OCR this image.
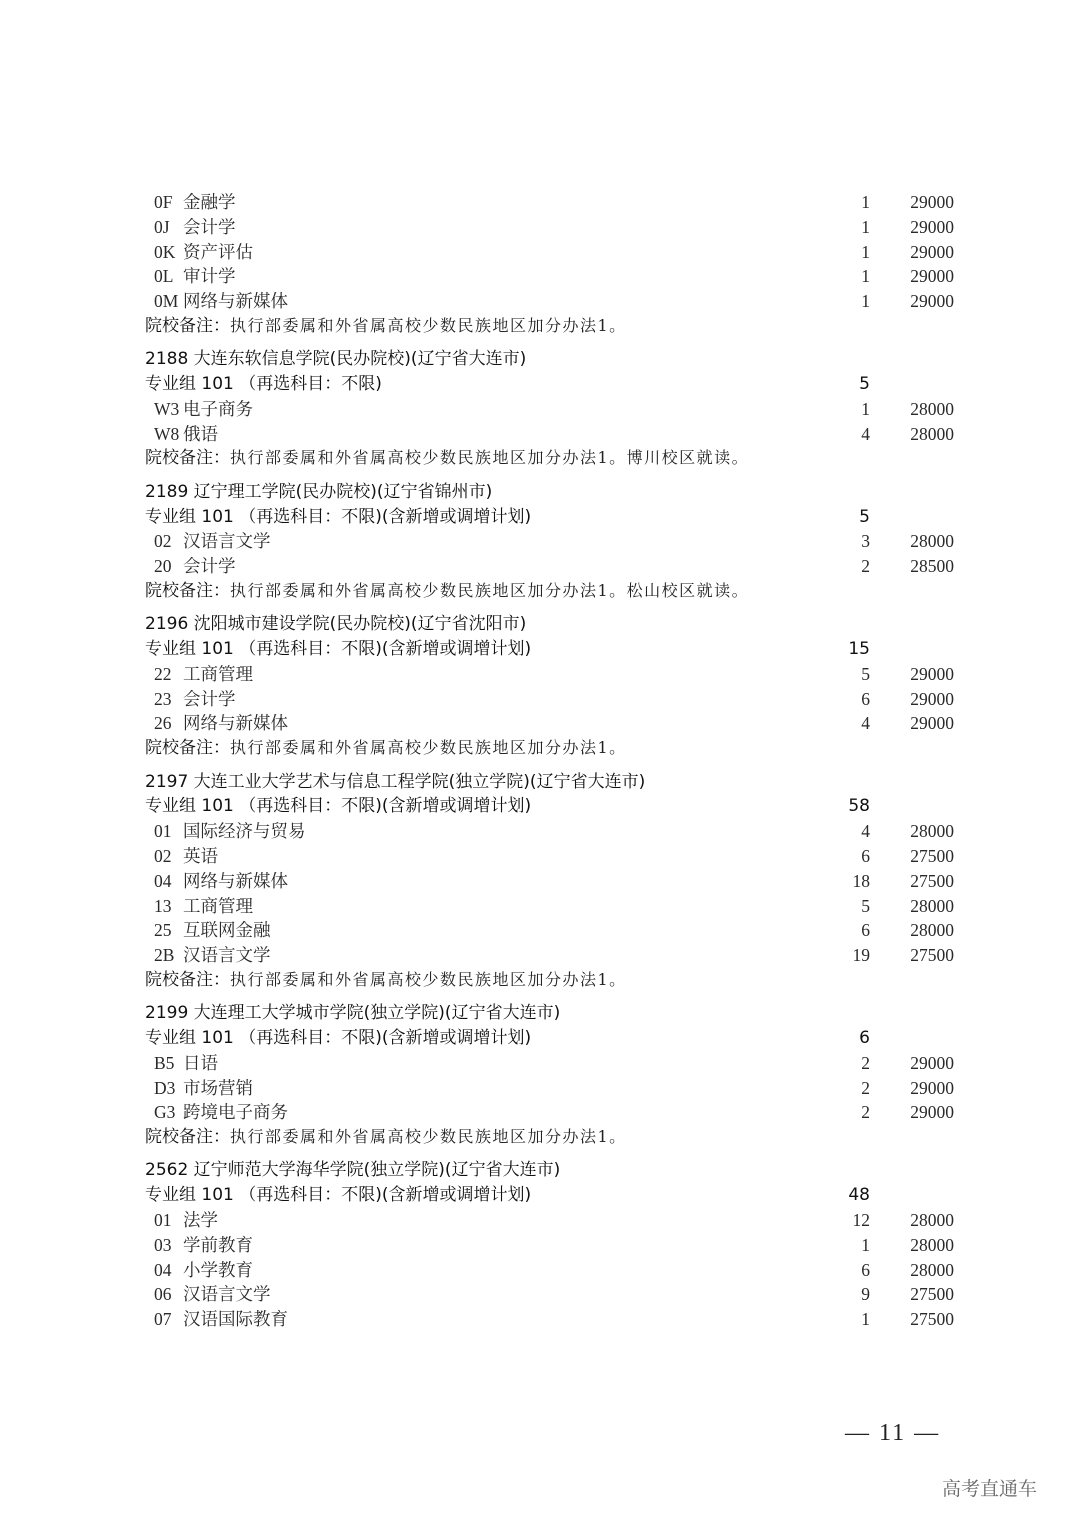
0F 金融学	1	29000
0J 会计学	1	29000
0K 资产评估	1	29000
0L 审计学	1	29000
0M 网络与新媒体	1	29000
院校备注：执行部委属和外省属高校少数民族地区加分办法1。
2188 大连东软信息学院(民办院校)(辽宁省大连市)
专业组 101 （再选科目：不限)	5
W3 电子商务	1	28000
W8 俄语	4	28000
院校备注：执行部委属和外省属高校少数民族地区加分办法1。博川校区就读。
2189 辽宁理工学院(民办院校)(辽宁省锦州市)
专业组 101 （再选科目：不限)(含新增或调增计划)	5
02 汉语言文学	3	28000
20 会计学	2	28500
院校备注：执行部委属和外省属高校少数民族地区加分办法1。松山校区就读。
2196 沈阳城市建设学院(民办院校)(辽宁省沈阳市)
专业组 101 （再选科目：不限)(含新增或调增计划)	15
22 工商管理	5	29000
23 会计学	6	29000
26 网络与新媒体	4	29000
院校备注：执行部委属和外省属高校少数民族地区加分办法1。
2197 大连工业大学艺术与信息工程学院(独立学院)(辽宁省大连市)
专业组 101 （再选科目：不限)(含新增或调增计划)	58
01 国际经济与贸易	4	28000
02 英语	6	27500
04 网络与新媒体	18	27500
13 工商管理	5	28000
25 互联网金融	6	28000
2B 汉语言文学	19	27500
院校备注：执行部委属和外省属高校少数民族地区加分办法1。
2199 大连理工大学城市学院(独立学院)(辽宁省大连市)
专业组 101 （再选科目：不限)(含新增或调增计划)	6
B5 日语	2	29000
D3 市场营销	2	29000
G3 跨境电子商务	2	29000
院校备注：执行部委属和外省属高校少数民族地区加分办法1。
2562 辽宁师范大学海华学院(独立学院)(辽宁省大连市)
专业组 101 （再选科目：不限)(含新增或调增计划)	48
01 法学	12	28000
03 学前教育	1	28000
04 小学教育	6	28000
06 汉语言文学	9	27500
07 汉语国际教育	1	27500
— 11 —
高考直通车
